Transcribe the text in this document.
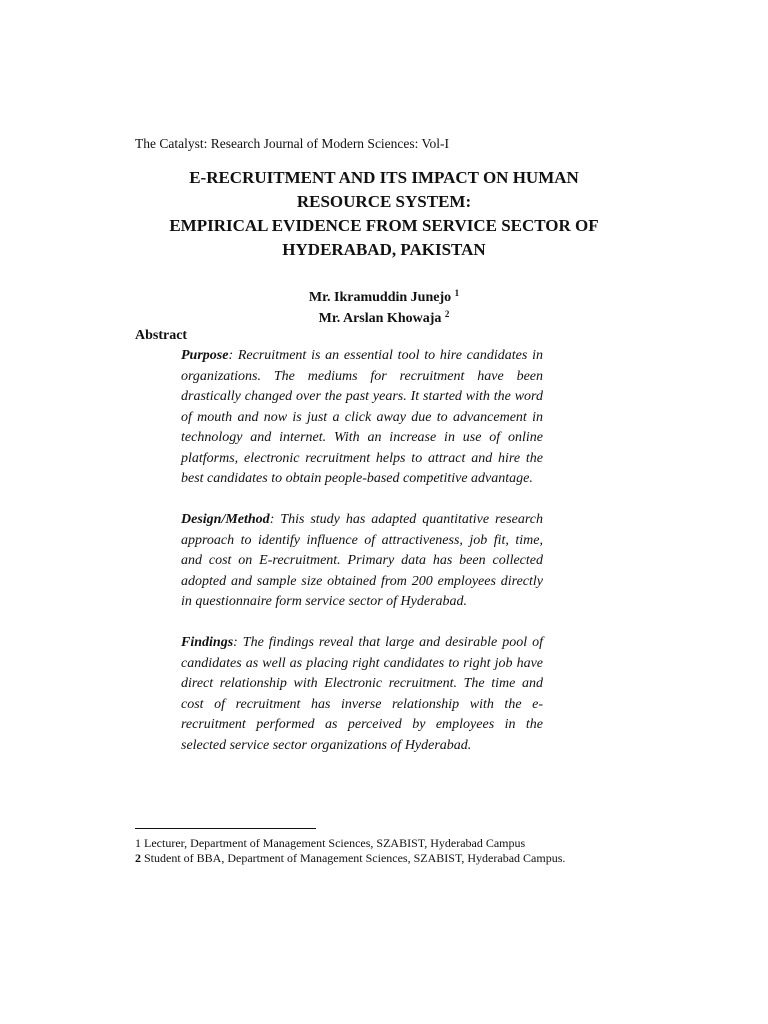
The Catalyst: Research Journal of Modern Sciences: Vol-I
E-RECRUITMENT AND ITS IMPACT ON HUMAN
RESOURCE SYSTEM:
EMPIRICAL EVIDENCE FROM SERVICE SECTOR OF
HYDERABAD, PAKISTAN
Mr. Ikramuddin Junejo $^1$
Mr. Arslan Khowaja $^2$
Abstract

Purpose: Recruitment is an essential tool to hire candidates in organizations. The mediums for recruitment have been drastically changed over the past years. It started with the word of mouth and now is just a click away due to advancement in technology and internet. With an increase in use of online platforms, electronic recruitment helps to attract and hire the best candidates to obtain people-based competitive advantage.

Design/Method: This study has adapted quantitative research approach to identify influence of attractiveness, job fit, time, and cost on E-recruitment. Primary data has been collected adopted and sample size obtained from 200 employees directly in questionnaire form service sector of Hyderabad.

Findings: The findings reveal that large and desirable pool of candidates as well as placing right candidates to right job have direct relationship with Electronic recruitment. The time and cost of recruitment has inverse relationship with the e-recruitment performed as perceived by employees in the selected service sector organizations of Hyderabad.

1 Lecturer, Department of Management Sciences, SZABIST, Hyderabad Campus
2 Student of BBA, Department of Management Sciences, SZABIST, Hyderabad Campus.
